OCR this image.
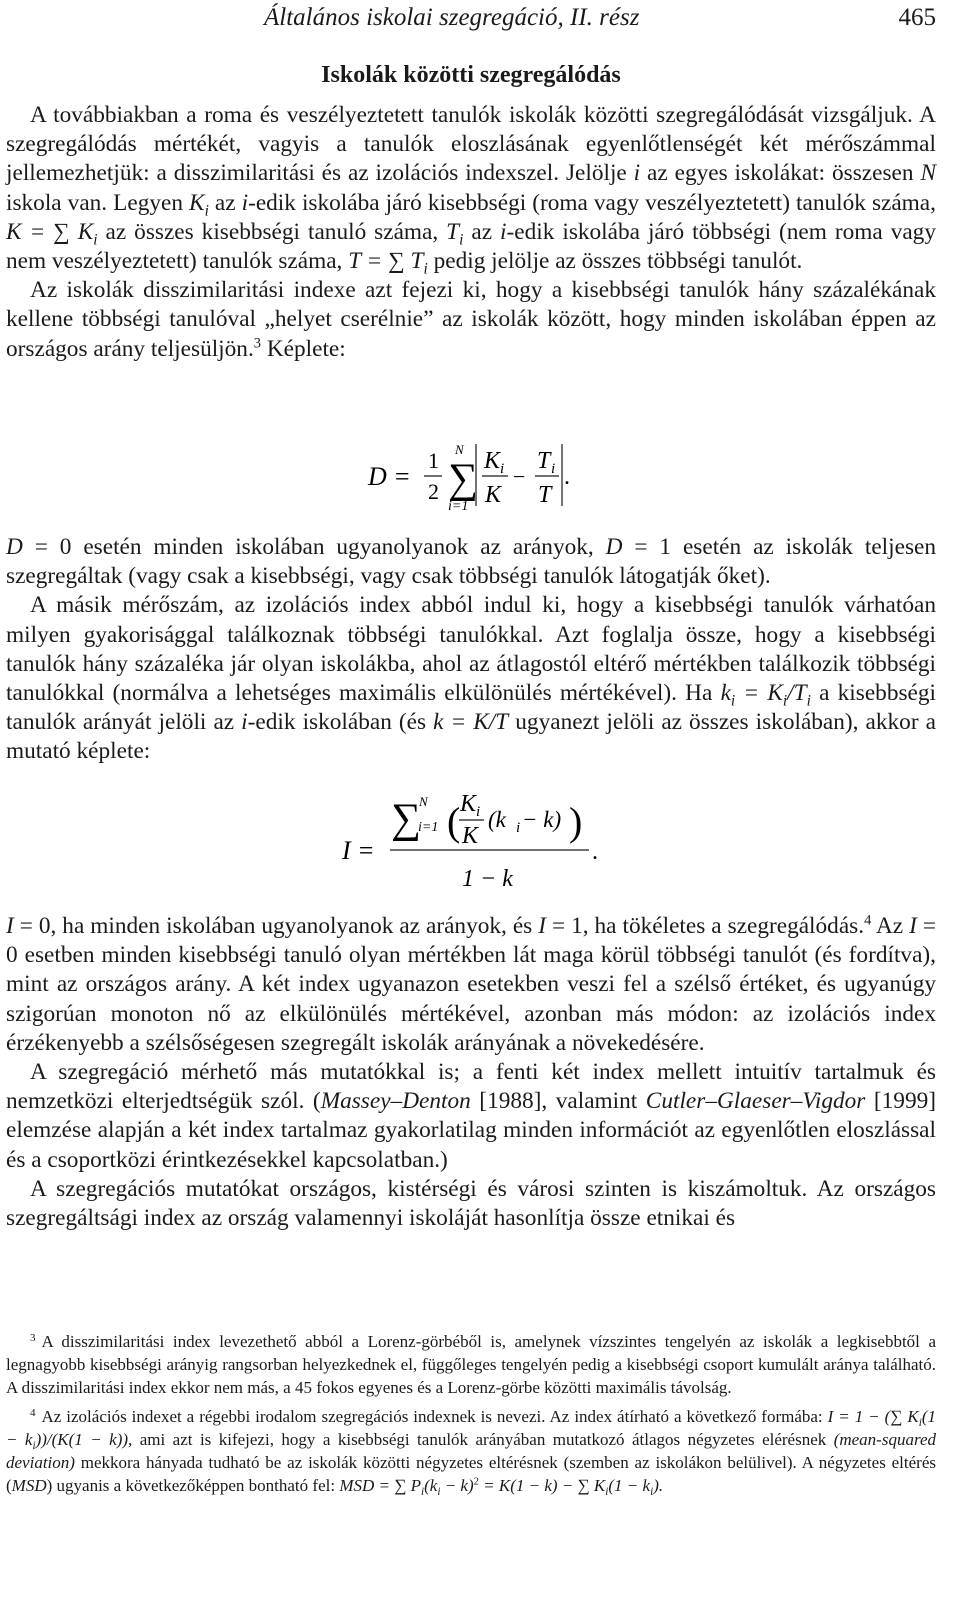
Általános iskolai szegregáció, II. rész	465
Iskolák közötti szegregálódás

A továbbiakban a roma és veszélyeztetett tanulók iskolák közötti szegregálódását vizsgáljuk. A szegregálódás mértékét, vagyis a tanulók eloszlásának egyenlőtlenségét két mérőszámmal jellemezhetjük: a disszimilaritási és az izolációs indexszel. Jelölje i az egyes iskolákat: összesen N iskola van. Legyen $K_i$ az i-edik iskolába járó kisebbségi (roma vagy veszélyeztetett) tanulók száma, K = ∑ $K_i$ az összes kisebbségi tanuló száma, $T_i$ az i-edik iskolába járó többségi (nem roma vagy nem veszélyeztetett) tanulók száma, T = ∑ $T_i$ pedig jelölje az összes többségi tanulót.

Az iskolák disszimilaritási indexe azt fejezi ki, hogy a kisebbségi tanulók hány százalékának kellene többségi tanulóval „helyet cserélnie” az iskolák között, hogy minden iskolában éppen az országos arány teljesüljön.$^3$ Képlete:

D =
1
2
N
∑
i=1
K i
K
−
T i
T
.

D = 0 esetén minden iskolában ugyanolyanok az arányok, D = 1 esetén az iskolák teljesen szegregáltak (vagy csak a kisebbségi, vagy csak többségi tanulók látogatják őket).

A másik mérőszám, az izolációs index abból indul ki, hogy a kisebbségi tanulók várhatóan milyen gyakorisággal találkoznak többségi tanulókkal. Azt foglalja össze, hogy a kisebbségi tanulók hány százaléka jár olyan iskolákba, ahol az átlagostól eltérő mértékben találkozik többségi tanulókkal (normálva a lehetséges maximális elkülönülés mértékével). Ha $k_i = K_i/T_i$ a kisebbségi tanulók arányát jelöli az i-edik iskolában (és k = K/T ugyanezt jelöli az összes iskolában), akkor a mutató képlete:

I =
∑
N
i=1 ( K i
K
(k i − k) )
1 − k
.

I = 0, ha minden iskolában ugyanolyanok az arányok, és I = 1, ha tökéletes a szegregálódás.$^4$ Az I = 0 esetben minden kisebbségi tanuló olyan mértékben lát maga körül többségi tanulót (és fordítva), mint az országos arány. A két index ugyanazon esetekben veszi fel a szélső értéket, és ugyanúgy szigorúan monoton nő az elkülönülés mértékével, azonban más módon: az izolációs index érzékenyebb a szélsőségesen szegregált iskolák arányának a növekedésére.

A szegregáció mérhető más mutatókkal is; a fenti két index mellett intuitív tartalmuk és nemzetközi elterjedtségük szól. (Massey–Denton [1988], valamint Cutler–Glaeser–Vigdor [1999] elemzése alapján a két index tartalmaz gyakorlatilag minden információt az egyenlőtlen eloszlással és a csoportközi érintkezésekkel kapcsolatban.)

A szegregációs mutatókat országos, kistérségi és városi szinten is kiszámoltuk. Az országos szegregáltsági index az ország valamennyi iskoláját hasonlítja össze etnikai és

$^3$ A disszimilaritási index levezethető abból a Lorenz-görbéből is, amelynek vízszintes tengelyén az iskolák a legkisebbtől a legnagyobb kisebbségi arányig rangsorban helyezkednek el, függőleges tengelyén pedig a kisebbségi csoport kumulált aránya található. A disszimilaritási index ekkor nem más, a 45 fokos egyenes és a Lorenz-görbe közötti maximális távolság.

$^4$ Az izolációs indexet a régebbi irodalom szegregációs indexnek is nevezi. Az index átírható a következő formába: I = 1 − (∑ $K_i(1 - k_i))/(K(1 - k))$, ami azt is kifejezi, hogy a kisebbségi tanulók arányában mutatkozó átlagos négyzetes elérésnek (mean-squared deviation) mekkora hányada tudható be az iskolák közötti négyzetes eltérésnek (szemben az iskolákon belülivel). A négyzetes eltérés (MSD) ugyanis a következőképpen bontható fel: MSD = ∑ $P_i(k_i - k)^2 = K(1 - k)$ − ∑ $K_i(1 - k_i)$.
